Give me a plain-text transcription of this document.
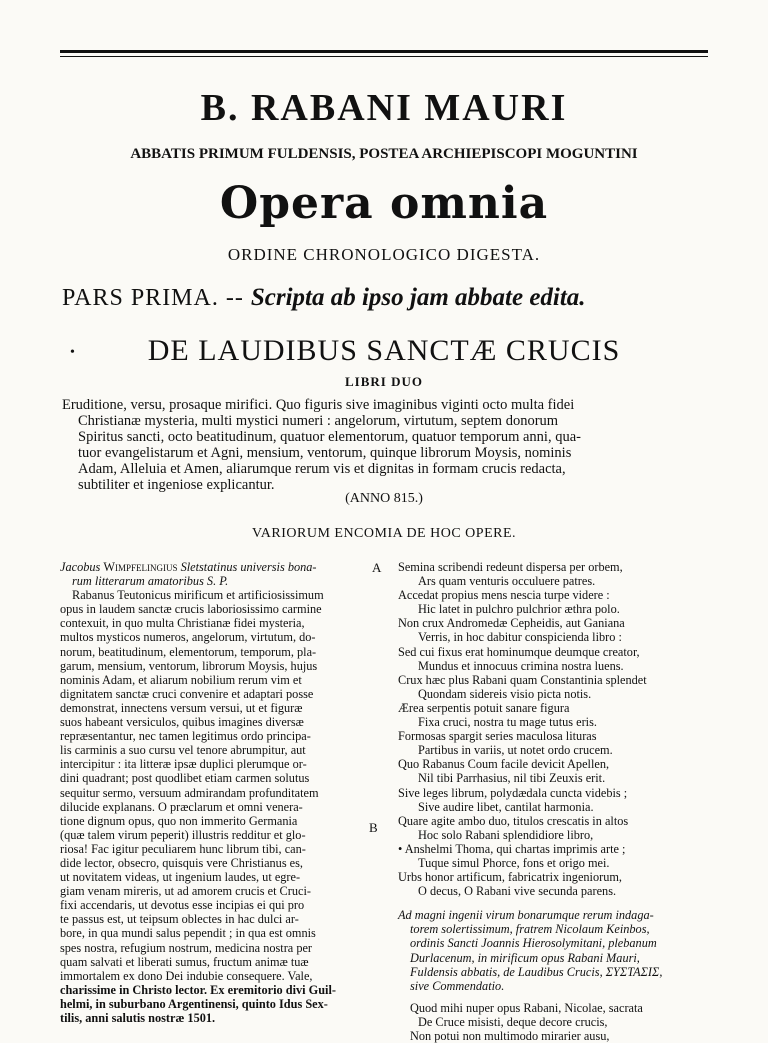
B. RABANI MAURI
ABBATIS PRIMUM FULDENSIS, POSTEA ARCHIEPISCOPI MOGUNTINI
Opera omnia
ORDINE CHRONOLOGICO DIGESTA.
PARS PRIMA. -- Scripta ab ipso jam abbate edita.
•	DE LAUDIBUS SANCTÆ CRUCIS
LIBRI DUO
Eruditione, versu, prosaque mirifici. Quo figuris sive imaginibus viginti octo multa fidei
Christianæ mysteria, multi mystici numeri : angelorum, virtutum, septem donorum
Spiritus sancti, octo beatitudinum, quatuor elementorum, quatuor temporum anni, qua-
tuor evangelistarum et Agni, mensium, ventorum, quinque librorum Moysis, nominis
Adam, Alleluia et Amen, aliarumque rerum vis et dignitas in formam crucis redacta,
subtiliter et ingeniose explicantur.
(ANNO 815.)
VARIORUM ENCOMIA DE HOC OPERE.
A
B
Jacobus Wimpfelingius Sletstatinus universis bona-
rum litterarum amatoribus S. P.
Rabanus Teutonicus mirificum et artificiosissimum
opus in laudem sanctæ crucis laboriosissimo carmine
contexuit, in quo multa Christianæ fidei mysteria,
multos mysticos numeros, angelorum, virtutum, do-
norum, beatitudinum, elementorum, temporum, pla-
garum, mensium, ventorum, librorum Moysis, hujus
nominis Adam, et aliarum nobilium rerum vim et
dignitatem sanctæ cruci convenire et adaptari posse
demonstrat, innectens versum versui, ut et figuræ
suos habeant versiculos, quibus imagines diversæ
repræsentantur, nec tamen legitimus ordo principa-
lis carminis a suo cursu vel tenore abrumpitur, aut
intercipitur : ita litteræ ipsæ duplici plerumque or-
dini quadrant; post quodlibet etiam carmen solutus
sequitur sermo, versuum admirandam profunditatem
dilucide explanans. O præclarum et omni venera-
tione dignum opus, quo non immerito Germania
(quæ talem virum peperit) illustris redditur et glo-
riosa! Fac igitur peculiarem hunc librum tibi, can-
dide lector, obsecro, quisquis vere Christianus es,
ut novitatem videas, ut ingenium laudes, ut egre-
giam venam mireris, ut ad amorem crucis et Cruci-
fixi accendaris, ut devotus esse incipias ei qui pro
te passus est, ut teipsum oblectes in hac dulci ar-
bore, in qua mundi salus pependit ; in qua est omnis
spes nostra, refugium nostrum, medicina nostra per
quam salvati et liberati sumus, fructum animæ tuæ
immortalem ex dono Dei indubie consequere. Vale,
charissime in Christo lector. Ex eremitorio divi Guil-
helmi, in suburbano Argentinensi, quinto Idus Sex-
tilis, anni salutis nostræ 1501.
Semina scribendi redeunt dispersa per orbem,
Ars quam venturis occuluere patres.
Accedat propius mens nescia turpe videre :
Hic latet in pulchro pulchrior æthra polo.
Non crux Andromedæ Cepheidis, aut Ganiana
Verris, in hoc dabitur conspicienda libro :
Sed cui fixus erat hominumque deumque creator,
Mundus et innocuus crimina nostra luens.
Crux hæc plus Rabani quam Constantinia splendet
Quondam sidereis visio picta notis.
Ærea serpentis potuit sanare figura
Fixa cruci, nostra tu mage tutus eris.
Formosas spargit series maculosa lituras
Partibus in variis, ut notet ordo crucem.
Quo Rabanus Coum facile devicit Apellen,
Nil tibi Parrhasius, nil tibi Zeuxis erit.
Sive leges librum, polydædala cuncta videbis ;
Sive audire libet, cantilat harmonia.
Quare agite ambo duo, titulos crescatis in altos
Hoc solo Rabani splendidiore libro,
• Anshelmi Thoma, qui chartas imprimis arte ;
Tuque simul Phorce, fons et origo mei.
Urbs honor artificum, fabricatrix ingeniorum,
O decus, O Rabani vive secunda parens.
Ad magni ingenii virum bonarumque rerum indaga-
torem solertissimum, fratrem Nicolaum Keinbos,
ordinis Sancti Joannis Hierosolymitani, plebanum
Durlacenum, in mirificum opus Rabani Mauri,
Fuldensis abbatis, de Laudibus Crucis, ΣΥΣΤΑΣΙΣ,
sive Commendatio.
Quod mihi nuper opus Rabani, Nicolae, sacrata
De Cruce misisti, deque decore crucis,
Non potui non multimodo mirarier ausu,
